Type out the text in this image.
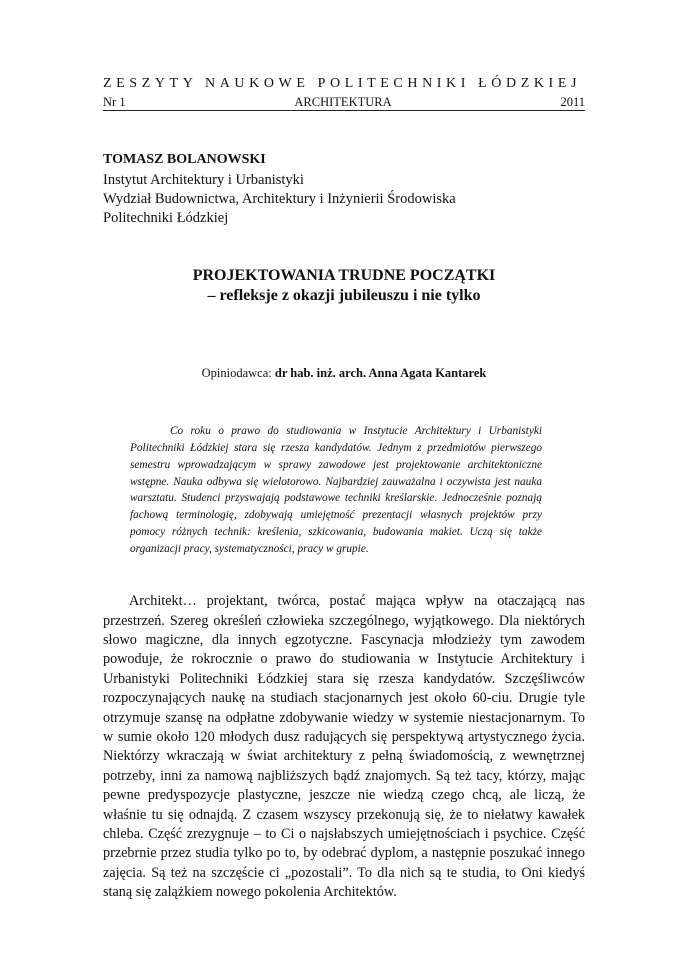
ZESZYTY NAUKOWE POLITECHNIKI ŁÓDZKIEJ
Nr 1	ARCHITEKTURA	2011
TOMASZ BOLANOWSKI
Instytut Architektury i Urbanistyki
Wydział Budownictwa, Architektury i Inżynierii Środowiska
Politechniki Łódzkiej
PROJEKTOWANIA TRUDNE POCZĄTKI
– refleksje z okazji jubileuszu i nie tylko
Opiniodawca: dr hab. inż. arch. Anna Agata Kantarek

Co roku o prawo do studiowania w Instytucie Architektury i Urbanistyki Politechniki Łódzkiej stara się rzesza kandydatów. Jednym z przedmiotów pierwszego semestru wprowadzającym w sprawy zawodowe jest projektowanie architektoniczne wstępne. Nauka odbywa się wielotorowo. Najbardziej zauważalna i oczywista jest nauka warsztatu. Studenci przyswajają podstawowe techniki kreślarskie. Jednocześnie poznają fachową terminologię, zdobywają umiejętność prezentacji własnych projektów przy pomocy różnych technik: kreślenia, szkicowania, budowania makiet. Uczą się także organizacji pracy, systematyczności, pracy w grupie.

Architekt… projektant, twórca, postać mająca wpływ na otaczającą nas przestrzeń. Szereg określeń człowieka szczególnego, wyjątkowego. Dla niektórych słowo magiczne, dla innych egzotyczne. Fascynacja młodzieży tym zawodem powoduje, że rokrocznie o prawo do studiowania w Instytucie Architektury i Urbanistyki Politechniki Łódzkiej stara się rzesza kandydatów. Szczęśliwców rozpoczynających naukę na studiach stacjonarnych jest około 60-ciu. Drugie tyle otrzymuje szansę na odpłatne zdobywanie wiedzy w systemie niestacjonarnym. To w sumie około 120 młodych dusz radujących się perspektywą artystycznego życia. Niektórzy wkraczają w świat architektury z pełną świadomością, z wewnętrznej potrzeby, inni za namową najbliższych bądź znajomych. Są też tacy, którzy, mając pewne predyspozycje plastyczne, jeszcze nie wiedzą czego chcą, ale liczą, że właśnie tu się odnajdą. Z czasem wszyscy przekonują się, że to niełatwy kawałek chleba. Część zrezygnuje – to Ci o najsłabszych umiejętnościach i psychice. Część przebrnie przez studia tylko po to, by odebrać dyplom, a następnie poszukać innego zajęcia. Są też na szczęście ci „pozostali”. To dla nich są te studia, to Oni kiedyś staną się zalążkiem nowego pokolenia Architektów.
